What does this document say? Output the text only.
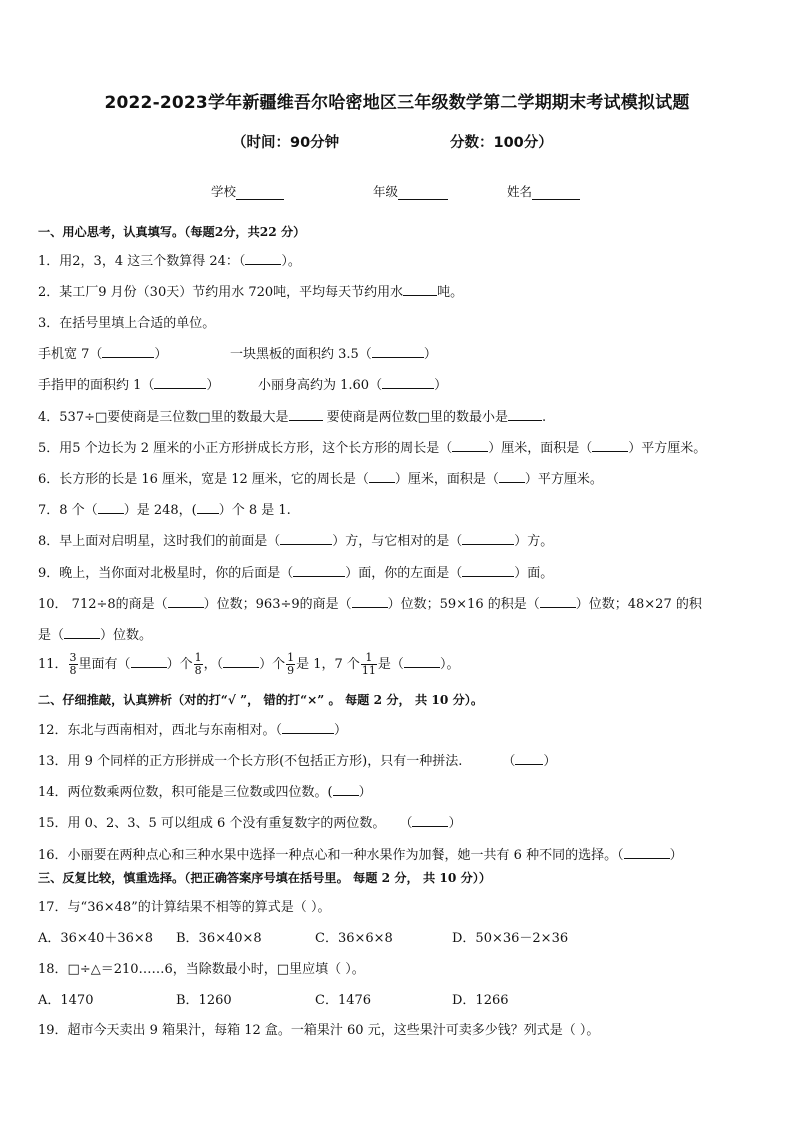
2022-2023学年新疆维吾尔哈密地区三年级数学第二学期期末考试模拟试题
（时间：90分钟	分数：100分）
学校	年级	姓名
一、用心思考，认真填写。（每题2分，共22 分）
1．用2，3，4 这三个数算得 24：（	）。
2．某工厂9 月份（30天）节约用水 720吨，平均每天节约用水	吨。
3．在括号里填上合适的单位。
手机宽 7（	）	一块黑板的面积约 3.5（	）
手指甲的面积约 1（	）	小丽身高约为 1.60（	）
4．537÷□要使商是三位数□里的数最大是	要使商是两位数□里的数最小是	.
5．用5 个边长为 2 厘米的小正方形拼成长方形，这个长方形的周长是（	）厘米，面积是（	）平方厘米。
6．长方形的长是 16 厘米，宽是 12 厘米，它的周长是（ ）厘米，面积是（ ）平方厘米。
7．8 个（ ）是 248，( ）个 8 是 1.
8．早上面对启明星，这时我们的前面是（	）方，与它相对的是（	）方。
9．晚上，当你面对北极星时，你的后面是（	）面，你的左面是（	）面。
10． 712÷8的商是（	）位数；963÷9的商是（	）位数；59×16 的积是（	）位数；48×27 的积
是（	）位数。
11． $\frac{3}{8}$ 里面有（	）个 $\frac{1}{8}$ ，（	）个 $\frac{1}{9}$ 是 1，7 个 $\frac{1}{11}$ 是（	）。
二、仔细推敲，认真辨析（对的打“√ ”， 错的打“×” 。 每题 2 分， 共 10 分）。
12．东北与西南相对，西北与东南相对。（	）
13．用 9 个同样的正方形拼成一个长方形(不包括正方形)，只有一种拼法.	（ ）
14．两位数乘两位数，积可能是三位数或四位数。( ）
15．用 0、2、3、5 可以组成 6 个没有重复数字的两位数。 （	）
16．小丽要在两种点心和三种水果中选择一种点心和一种水果作为加餐，她一共有 6 种不同的选择。（	）
三、反复比较，慎重选择。（把正确答案序号填在括号里。 每题 2 分， 共 10 分））
17．与“36×48”的计算结果不相等的算式是（ ）。
A．36×40＋36×8 B．36×40×8	C．36×6×8	D．50×36－2×36
18．□÷△＝210……6，当除数最小时，□里应填（ ）。
A．1470	B．1260	C．1476	D．1266
19．超市今天卖出 9 箱果汁，每箱 12 盒。一箱果汁 60 元，这些果汁可卖多少钱？列式是（ ）。
